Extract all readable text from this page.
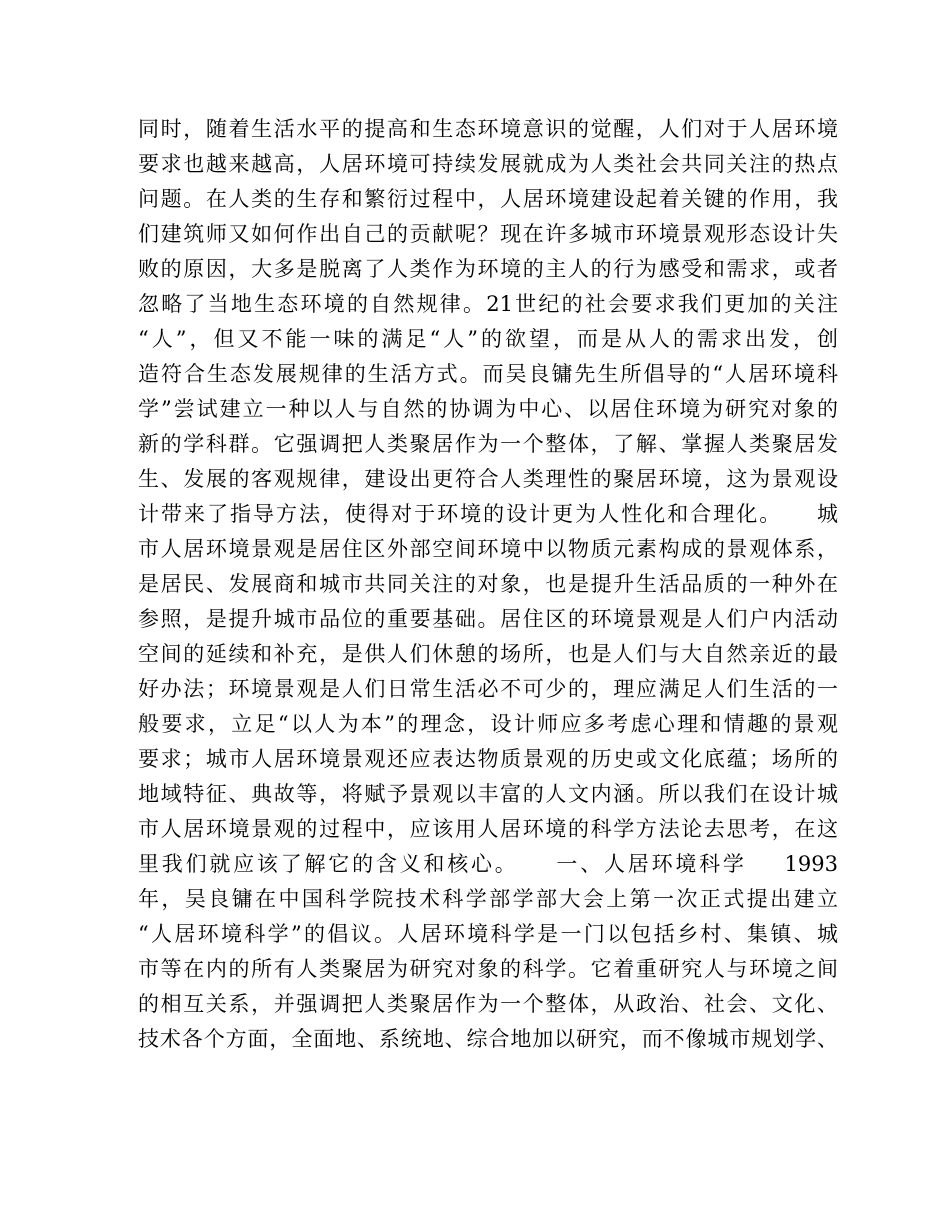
同时，随着生活水平的提高和生态环境意识的觉醒，人们对于人居环境
要求也越来越高，人居环境可持续发展就成为人类社会共同关注的热点
问题。在人类的生存和繁衍过程中，人居环境建设起着关键的作用，我
们建筑师又如何作出自己的贡献呢？现在许多城市环境景观形态设计失
败的原因，大多是脱离了人类作为环境的主人的行为感受和需求，或者
忽略了当地生态环境的自然规律。21世纪的社会要求我们更加的关注
“人”，但又不能一味的满足“人”的欲望，而是从人的需求出发，创
造符合生态发展规律的生活方式。而吴良镛先生所倡导的“人居环境科
学”尝试建立一种以人与自然的协调为中心、以居住环境为研究对象的
新的学科群。它强调把人类聚居作为一个整体，了解、掌握人类聚居发
生、发展的客观规律，建设出更符合人类理性的聚居环境，这为景观设
计带来了指导方法，使得对于环境的设计更为人性化和合理化。    城
市人居环境景观是居住区外部空间环境中以物质元素构成的景观体系，
是居民、发展商和城市共同关注的对象，也是提升生活品质的一种外在
参照，是提升城市品位的重要基础。居住区的环境景观是人们户内活动
空间的延续和补充，是供人们休憩的场所，也是人们与大自然亲近的最
好办法；环境景观是人们日常生活必不可少的，理应满足人们生活的一
般要求，立足“以人为本”的理念，设计师应多考虑心理和情趣的景观
要求；城市人居环境景观还应表达物质景观的历史或文化底蕴；场所的
地域特征、典故等，将赋予景观以丰富的人文内涵。所以我们在设计城
市人居环境景观的过程中，应该用人居环境的科学方法论去思考，在这
里我们就应该了解它的含义和核心。    一、人居环境科学    1993
年，吴良镛在中国科学院技术科学部学部大会上第一次正式提出建立
“人居环境科学”的倡议。人居环境科学是一门以包括乡村、集镇、城
市等在内的所有人类聚居为研究对象的科学。它着重研究人与环境之间
的相互关系，并强调把人类聚居作为一个整体，从政治、社会、文化、
技术各个方面，全面地、系统地、综合地加以研究，而不像城市规划学、
